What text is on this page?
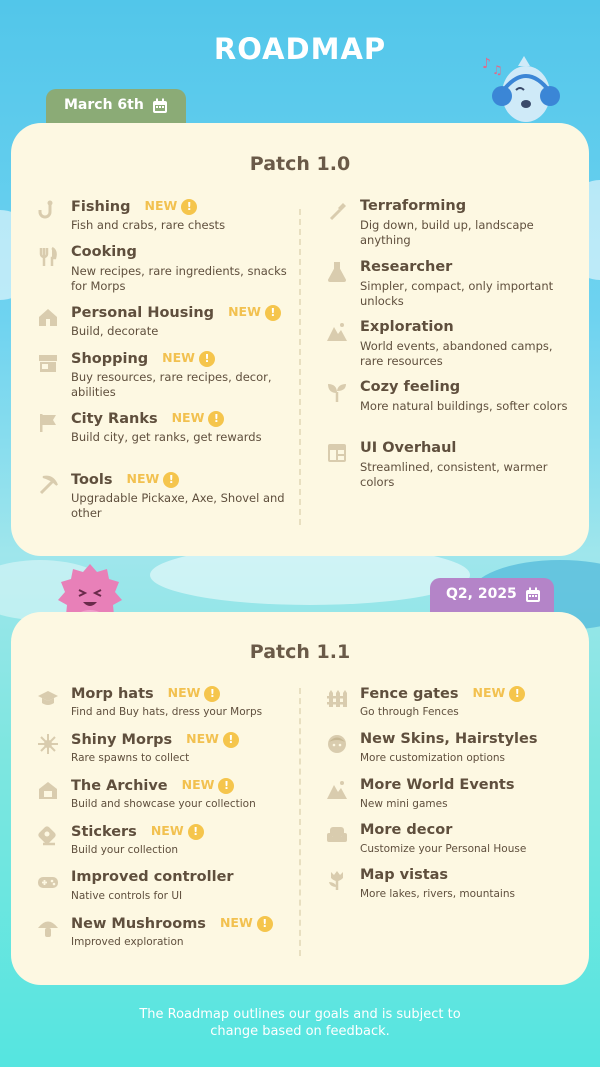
ROADMAP	♪ ♫
March 6th
Patch 1.0
Fishing NEW !
Fish and crabs, rare chests
Cooking
New recipes, rare ingredients, snacks for Morps
Personal Housing NEW !
Build, decorate
Shopping NEW !
Buy resources, rare recipes, decor, abilities
City Ranks NEW !
Build city, get ranks, get rewards
Tools NEW !
Upgradable Pickaxe, Axe, Shovel and other
Terraforming
Dig down, build up, landscape anything
Researcher
Simpler, compact, only important unlocks
Exploration
World events, abandoned camps, rare resources
Cozy feeling
More natural buildings, softer colors
UI Overhaul
Streamlined, consistent, warmer colors
Q2, 2025
Patch 1.1
Morp hats NEW !
Find and Buy hats, dress your Morps
Shiny Morps NEW !
Rare spawns to collect
The Archive NEW !
Build and showcase your collection
Stickers NEW !
Build your collection
Improved controller
Native controls for UI
New Mushrooms NEW !
Improved exploration
Fence gates NEW !
Go through Fences
New Skins, Hairstyles
More customization options
More World Events
New mini games
More decor
Customize your Personal House
Map vistas
More lakes, rivers, mountains
The Roadmap outlines our goals and is subject to change based on feedback.
